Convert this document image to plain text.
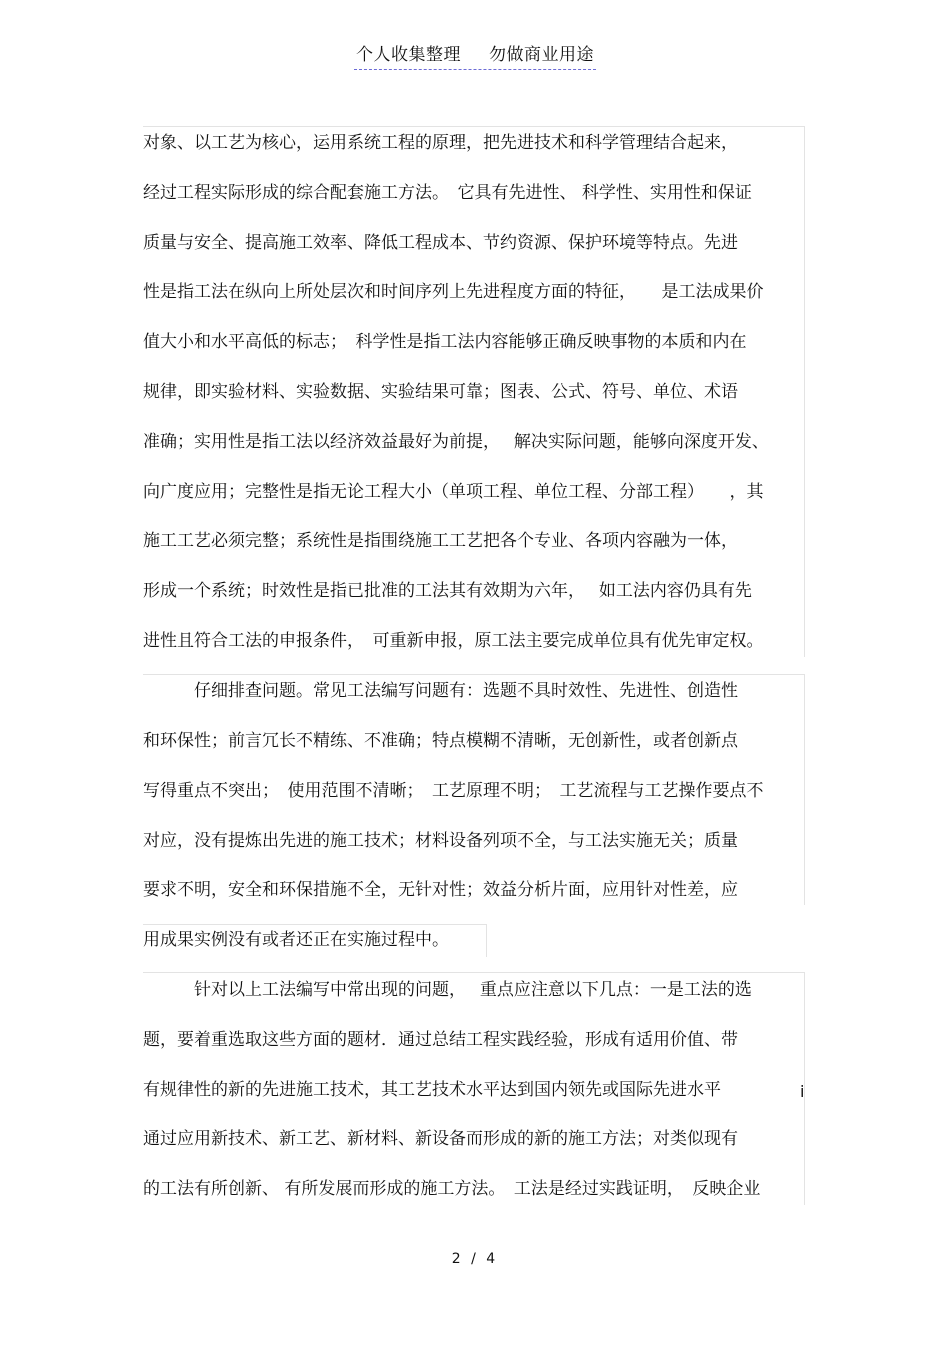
个人收集整理 勿做商业用途
对象、以工艺为核心，运用系统工程的原理，把先进技术和科学管理结合起来，
经过工程实际形成的综合配套施工方法。　它具有先进性、 科学性、实用性和保证
质量与安全、提高施工效率、降低工程成本、节约资源、保护环境等特点。先进
性是指工法在纵向上所处层次和时间序列上先进程度方面的特征，　　是工法成果价
值大小和水平高低的标志；　科学性是指工法内容能够正确反映事物的本质和内在
规律，即实验材料、实验数据、实验结果可靠；图表、公式、符号、单位、术语
准确；实用性是指工法以经济效益最好为前提，　 解决实际问题，能够向深度开发、
向广度应用；完整性是指无论工程大小（单项工程、单位工程、分部工程）　　，其
施工工艺必须完整；系统性是指围绕施工工艺把各个专业、各项内容融为一体，
形成一个系统；时效性是指已批准的工法其有效期为六年，　 如工法内容仍具有先
进性且符合工法的申报条件，　可重新申报，原工法主要完成单位具有优先审定权。
　　　仔细排查问题。常见工法编写问题有：选题不具时效性、先进性、创造性
和环保性；前言冗长不精练、不准确；特点模糊不清晰，无创新性，或者创新点
写得重点不突出；　使用范围不清晰；　工艺原理不明；　工艺流程与工艺操作要点不
对应，没有提炼出先进的施工技术；材料设备列项不全，与工法实施无关；质量
要求不明，安全和环保措施不全，无针对性；效益分析片面，应用针对性差，应
用成果实例没有或者还正在实施过程中。
　　　针对以上工法编写中常出现的问题，　 重点应注意以下几点：一是工法的选
题，要着重选取这些方面的题材．通过总结工程实践经验，形成有适用价值、带
有规律性的新的先进施工技术，其工艺技术水平达到国内领先或国际先进水平
通过应用新技术、新工艺、新材料、新设备而形成的新的施工方法；对类似现有
的工法有所创新、 有所发展而形成的施工方法。　工法是经过实践证明，　反映企业
i
2 / 4
